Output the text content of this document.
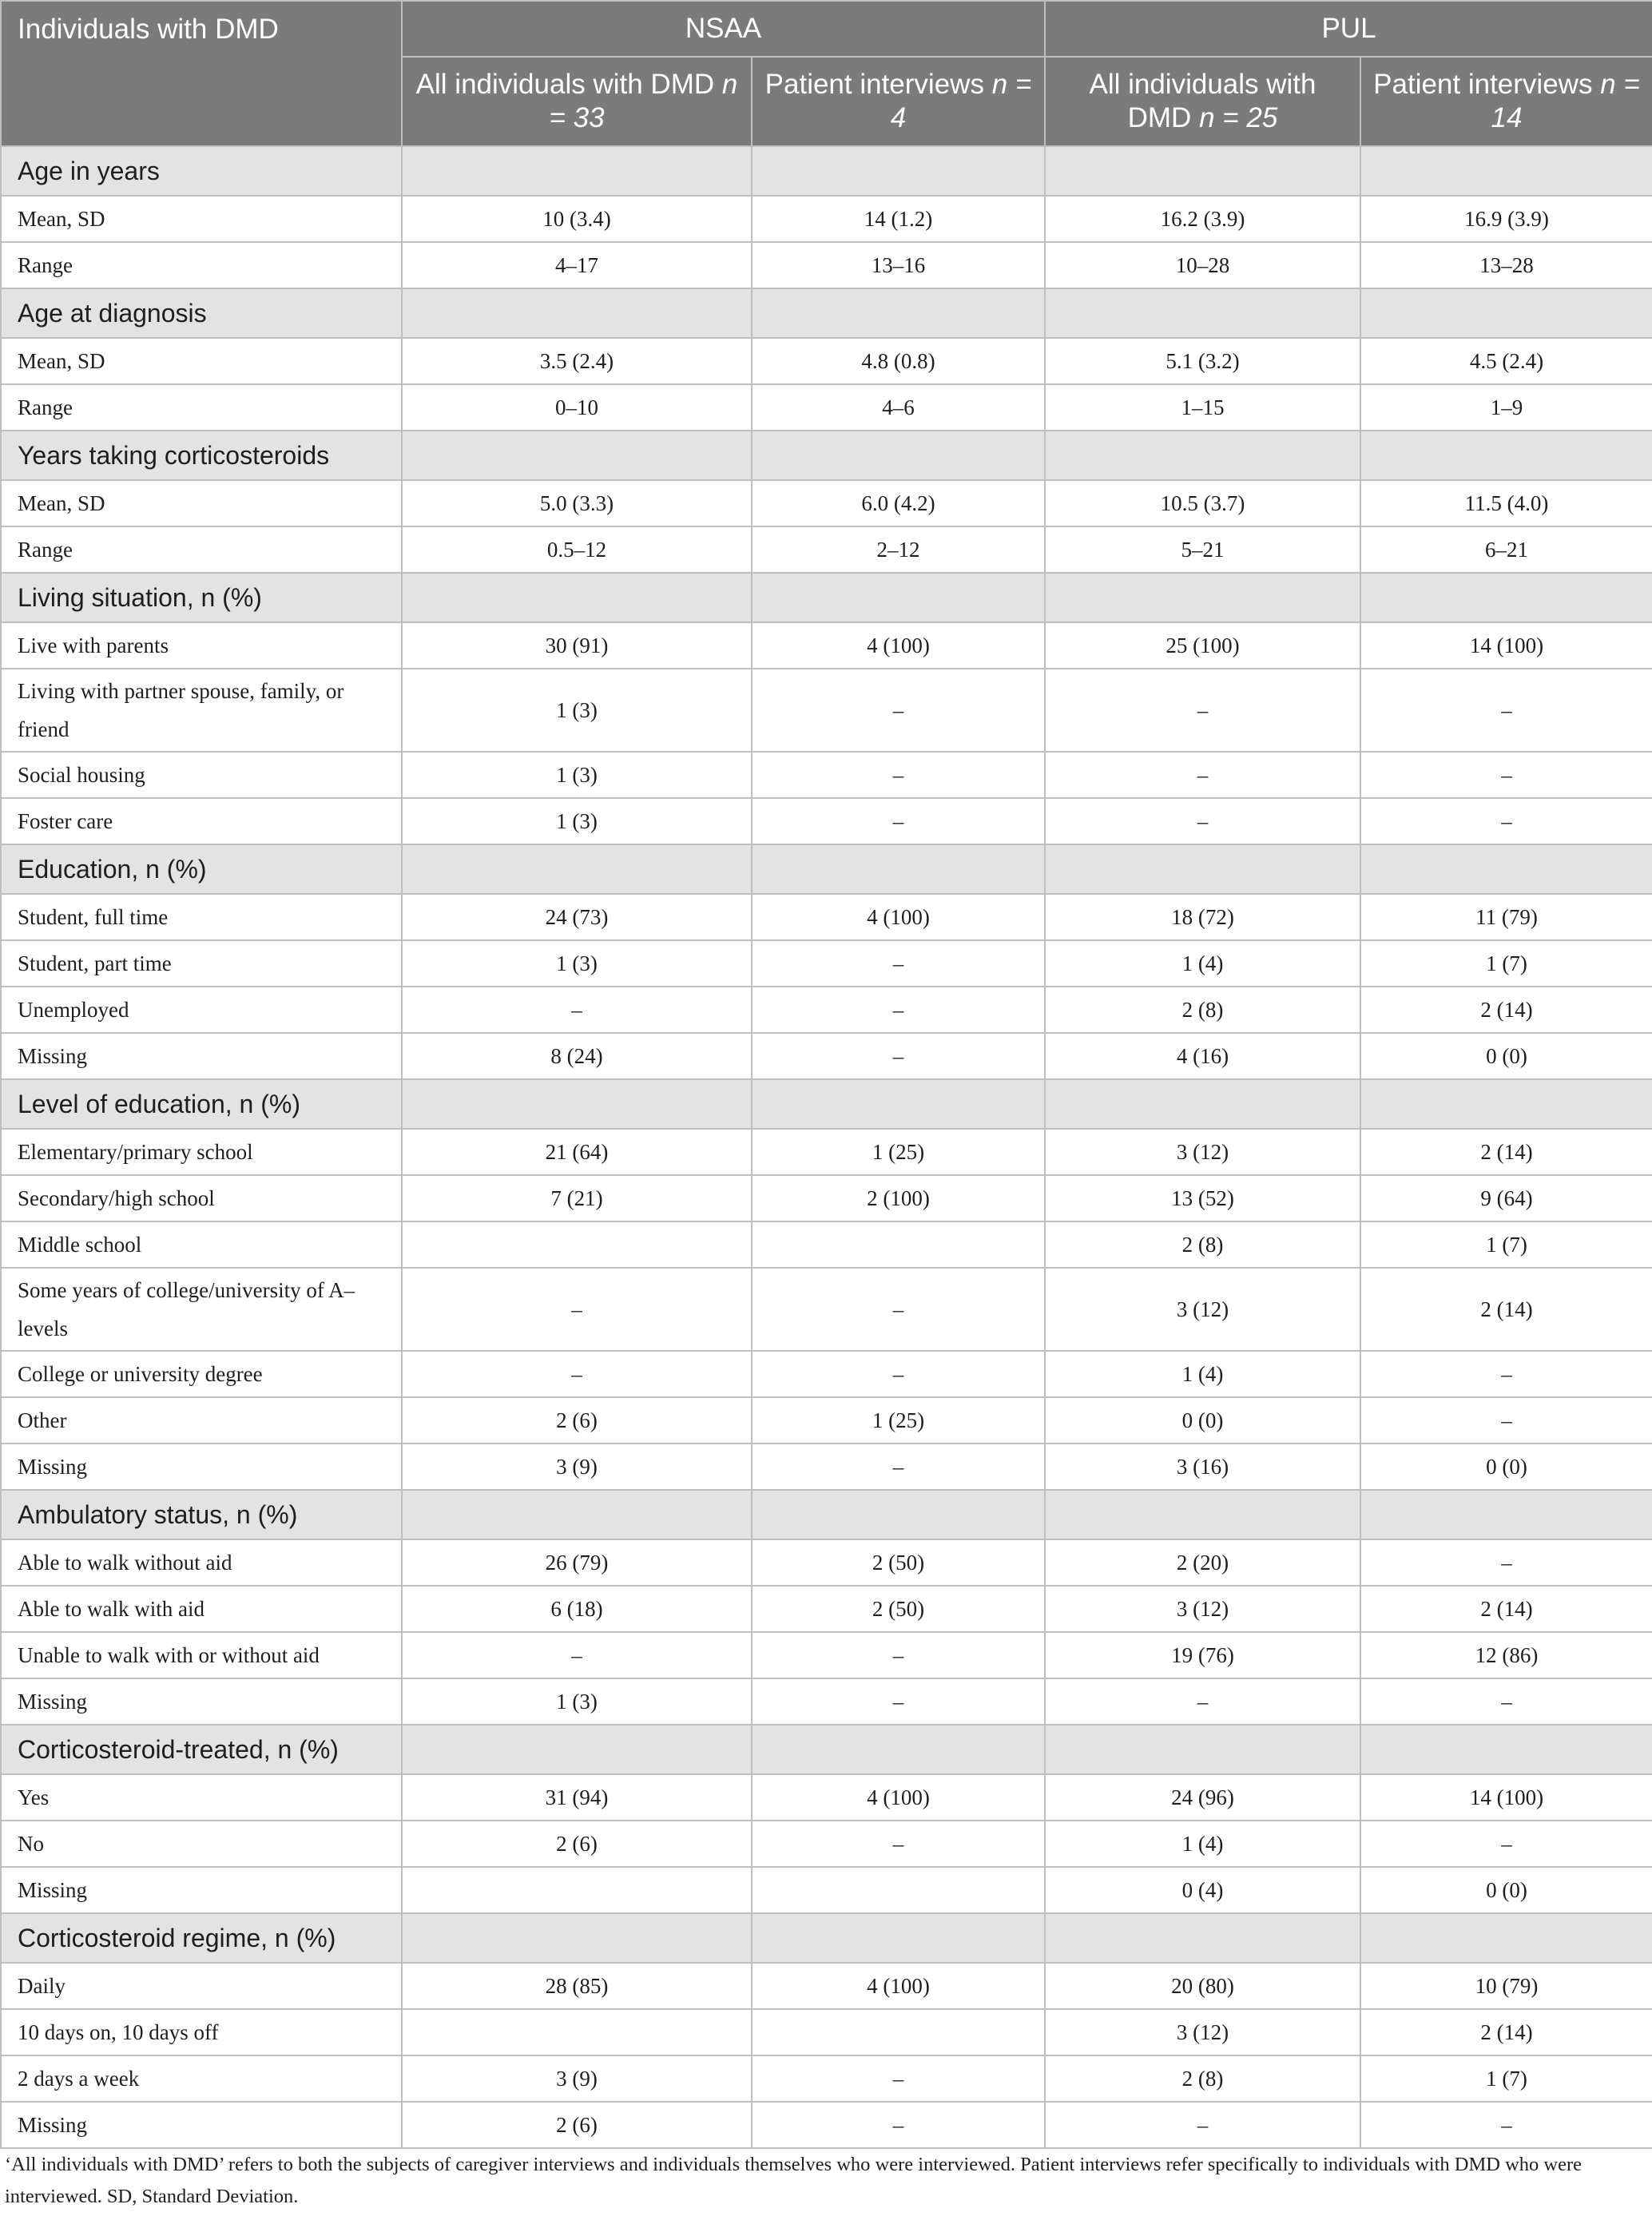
Individuals with DMD	NSAA		PUL	
	All individuals with DMD n = 33	Patient interviews n = 4	All individuals with DMD n = 25	Patient interviews n = 14
Age in years				
Mean, SD	10 (3.4)	14 (1.2)	16.2 (3.9)	16.9 (3.9)
Range	4–17	13–16	10–28	13–28
Age at diagnosis				
Mean, SD	3.5 (2.4)	4.8 (0.8)	5.1 (3.2)	4.5 (2.4)
Range	0–10	4–6	1–15	1–9
Years taking corticosteroids				
Mean, SD	5.0 (3.3)	6.0 (4.2)	10.5 (3.7)	11.5 (4.0)
Range	0.5–12	2–12	5–21	6–21
Living situation, n (%)				
Live with parents	30 (91)	4 (100)	25 (100)	14 (100)
Living with partner spouse, family, or friend	1 (3)	–	–	–
Social housing	1 (3)	–	–	–
Foster care	1 (3)	–	–	–
Education, n (%)				
Student, full time	24 (73)	4 (100)	18 (72)	11 (79)
Student, part time	1 (3)	–	1 (4)	1 (7)
Unemployed	–	–	2 (8)	2 (14)
Missing	8 (24)	–	4 (16)	0 (0)
Level of education, n (%)				
Elementary/primary school	21 (64)	1 (25)	3 (12)	2 (14)
Secondary/high school	7 (21)	2 (100)	13 (52)	9 (64)
Middle school			2 (8)	1 (7)
Some years of college/university of A–levels	–	–	3 (12)	2 (14)
College or university degree	–	–	1 (4)	–
Other	2 (6)	1 (25)	0 (0)	–
Missing	3 (9)	–	3 (16)	0 (0)
Ambulatory status, n (%)				
Able to walk without aid	26 (79)	2 (50)	2 (20)	–
Able to walk with aid	6 (18)	2 (50)	3 (12)	2 (14)
Unable to walk with or without aid	–	–	19 (76)	12 (86)
Missing	1 (3)	–	–	–
Corticosteroid-treated, n (%)				
Yes	31 (94)	4 (100)	24 (96)	14 (100)
No	2 (6)	–	1 (4)	–
Missing			0 (4)	0 (0)
Corticosteroid regime, n (%)				
Daily	28 (85)	4 (100)	20 (80)	10 (79)
10 days on, 10 days off			3 (12)	2 (14)
2 days a week	3 (9)	–	2 (8)	1 (7)
Missing	2 (6)	–	–	–
‘All individuals with DMD’ refers to both the subjects of caregiver interviews and individuals themselves who were interviewed. Patient interviews refer specifically to individuals with DMD who were interviewed. SD, Standard Deviation.
